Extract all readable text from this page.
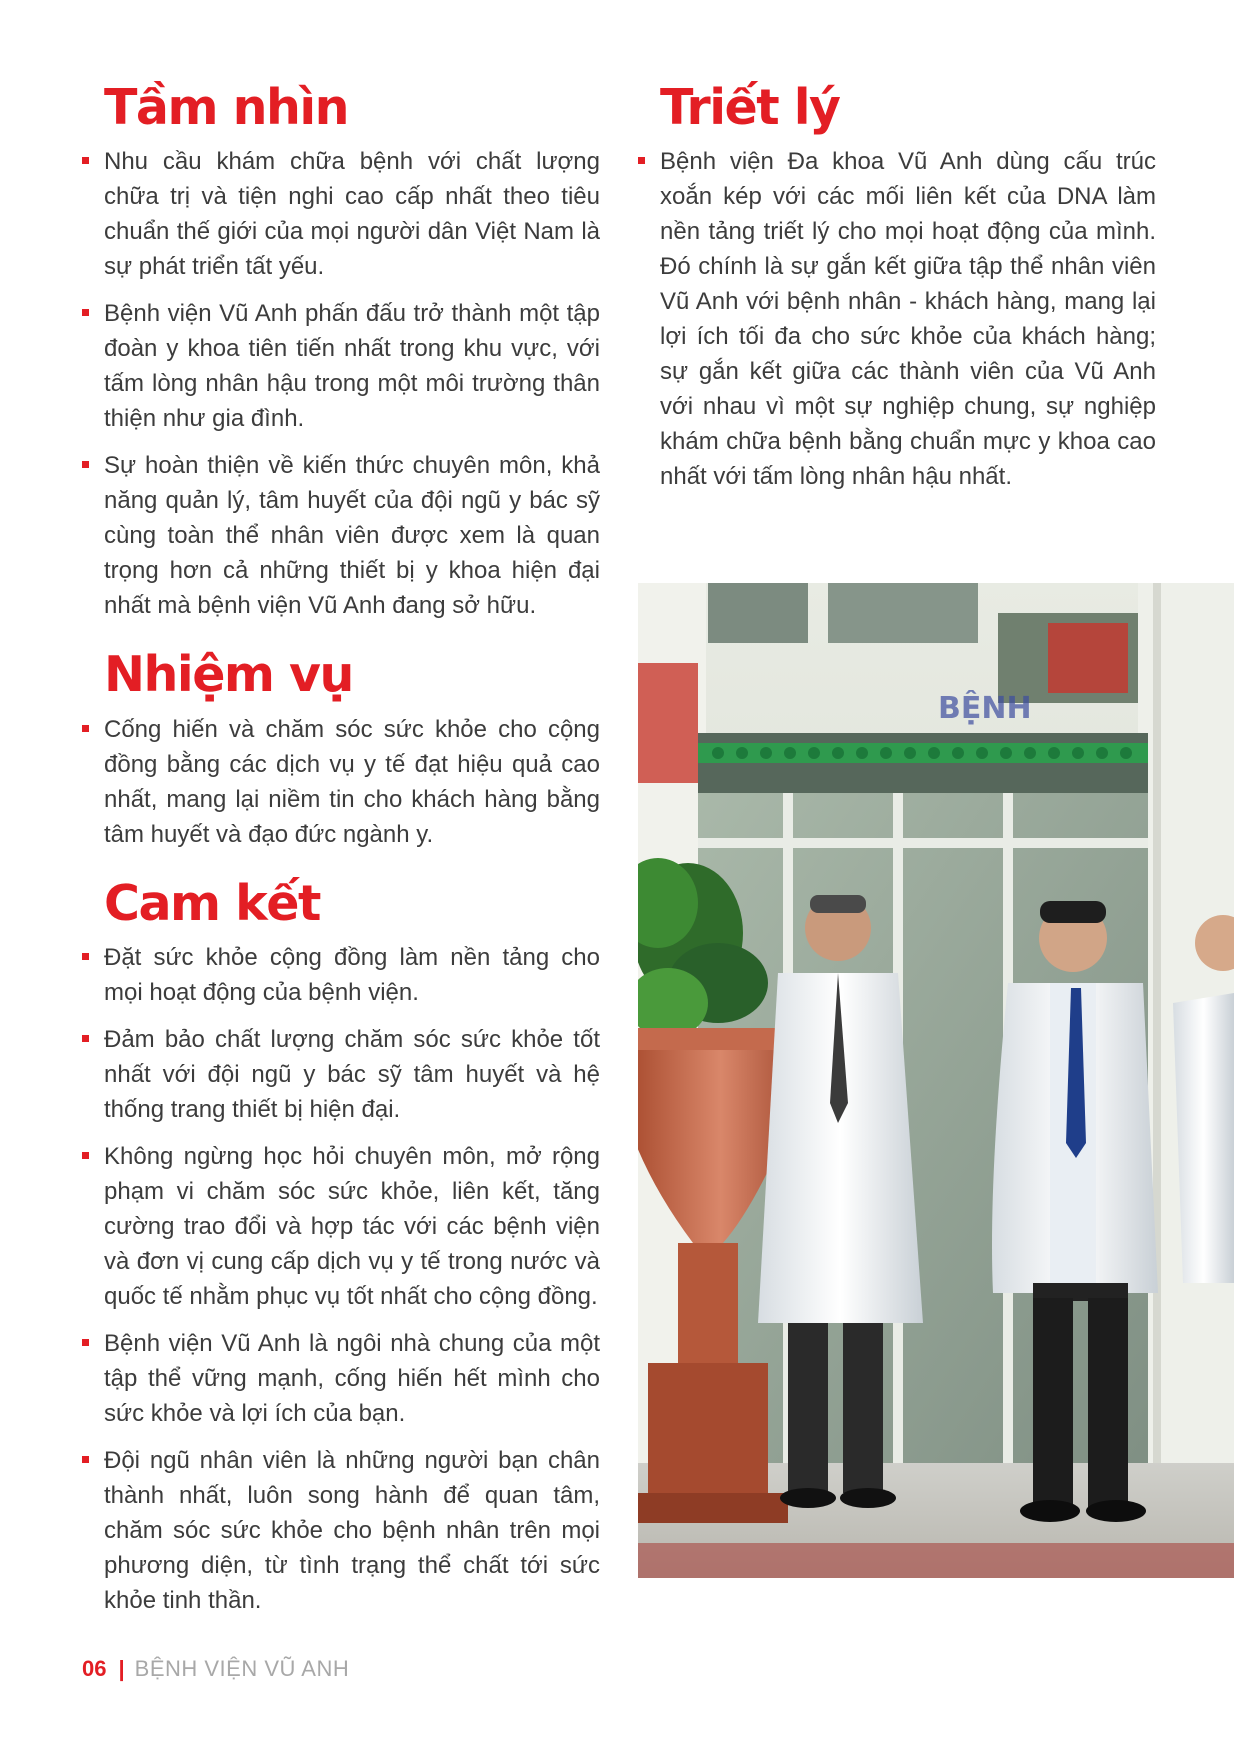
Tầm nhìn
Nhu cầu khám chữa bệnh với chất lượng chữa trị và tiện nghi cao cấp nhất theo tiêu chuẩn thế giới của mọi người dân Việt Nam là sự phát triển tất yếu.
Bệnh viện Vũ Anh phấn đấu trở thành một tập đoàn y khoa tiên tiến nhất trong khu vực, với tấm lòng nhân hậu trong một môi trường thân thiện như gia đình.
Sự hoàn thiện về kiến thức chuyên môn, khả năng quản lý, tâm huyết của đội ngũ y bác sỹ cùng toàn thể nhân viên được xem là quan trọng hơn cả những thiết bị y khoa hiện đại nhất mà bệnh viện Vũ Anh đang sở hữu.
Nhiệm vụ
Cống hiến và chăm sóc sức khỏe cho cộng đồng bằng các dịch vụ y tế đạt hiệu quả cao nhất, mang lại niềm tin cho khách hàng bằng tâm huyết và đạo đức ngành y.
Cam kết
Đặt sức khỏe cộng đồng làm nền tảng cho mọi hoạt động của bệnh viện.
Đảm bảo chất lượng chăm sóc sức khỏe tốt nhất với đội ngũ y bác sỹ tâm huyết và hệ thống trang thiết bị hiện đại.
Không ngừng học hỏi chuyên môn, mở rộng phạm vi chăm sóc sức khỏe, liên kết, tăng cường trao đổi và hợp tác với các bệnh viện và đơn vị cung cấp dịch vụ y tế trong nước và quốc tế nhằm phục vụ tốt nhất cho cộng đồng.
Bệnh viện Vũ Anh là ngôi nhà chung của một tập thể vững mạnh, cống hiến hết mình cho sức khỏe và lợi ích của bạn.
Đội ngũ nhân viên là những người bạn chân thành nhất, luôn song hành để quan tâm, chăm sóc sức khỏe cho bệnh nhân trên mọi phương diện, từ tình trạng thể chất tới sức khỏe tinh thần.
Triết lý
Bệnh viện Đa khoa Vũ Anh dùng cấu trúc xoắn kép với các mối liên kết của DNA làm nền tảng triết lý cho mọi hoạt động của mình. Đó chính là sự gắn kết giữa tập thể nhân viên Vũ Anh với bệnh nhân - khách hàng, mang lại lợi ích tối đa cho sức khỏe của khách hàng; sự gắn kết giữa các thành viên của Vũ Anh với nhau vì một sự nghiệp chung, sự nghiệp khám chữa bệnh bằng chuẩn mực y khoa cao nhất với tấm lòng nhân hậu nhất.
BỆNH
06 | BỆNH VIỆN VŨ ANH
